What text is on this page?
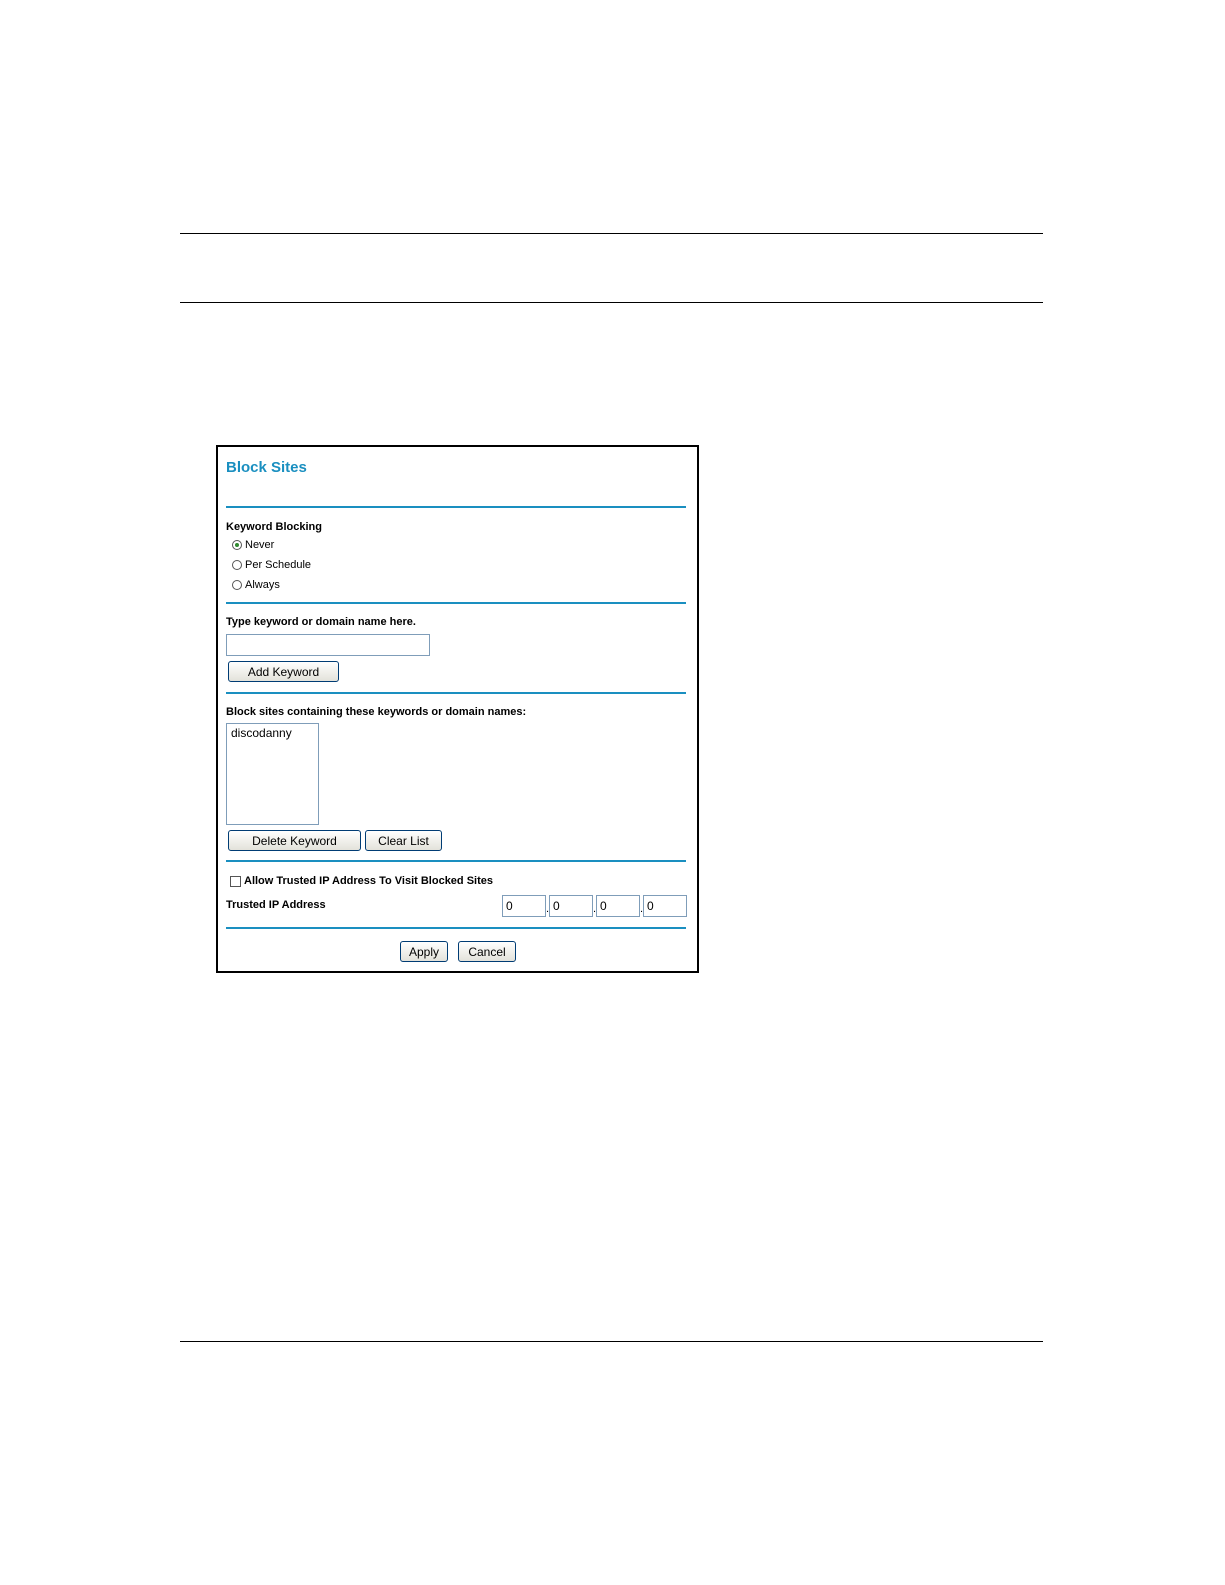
Block Sites
Keyword Blocking
Never
Per Schedule
Always
Type keyword or domain name here.
Add Keyword
Block sites containing these keywords or domain names:
discodanny
Delete Keyword	Clear List
Allow Trusted IP Address To Visit Blocked Sites
Trusted IP Address
0	.
0	.
0	.
0
Apply	Cancel
